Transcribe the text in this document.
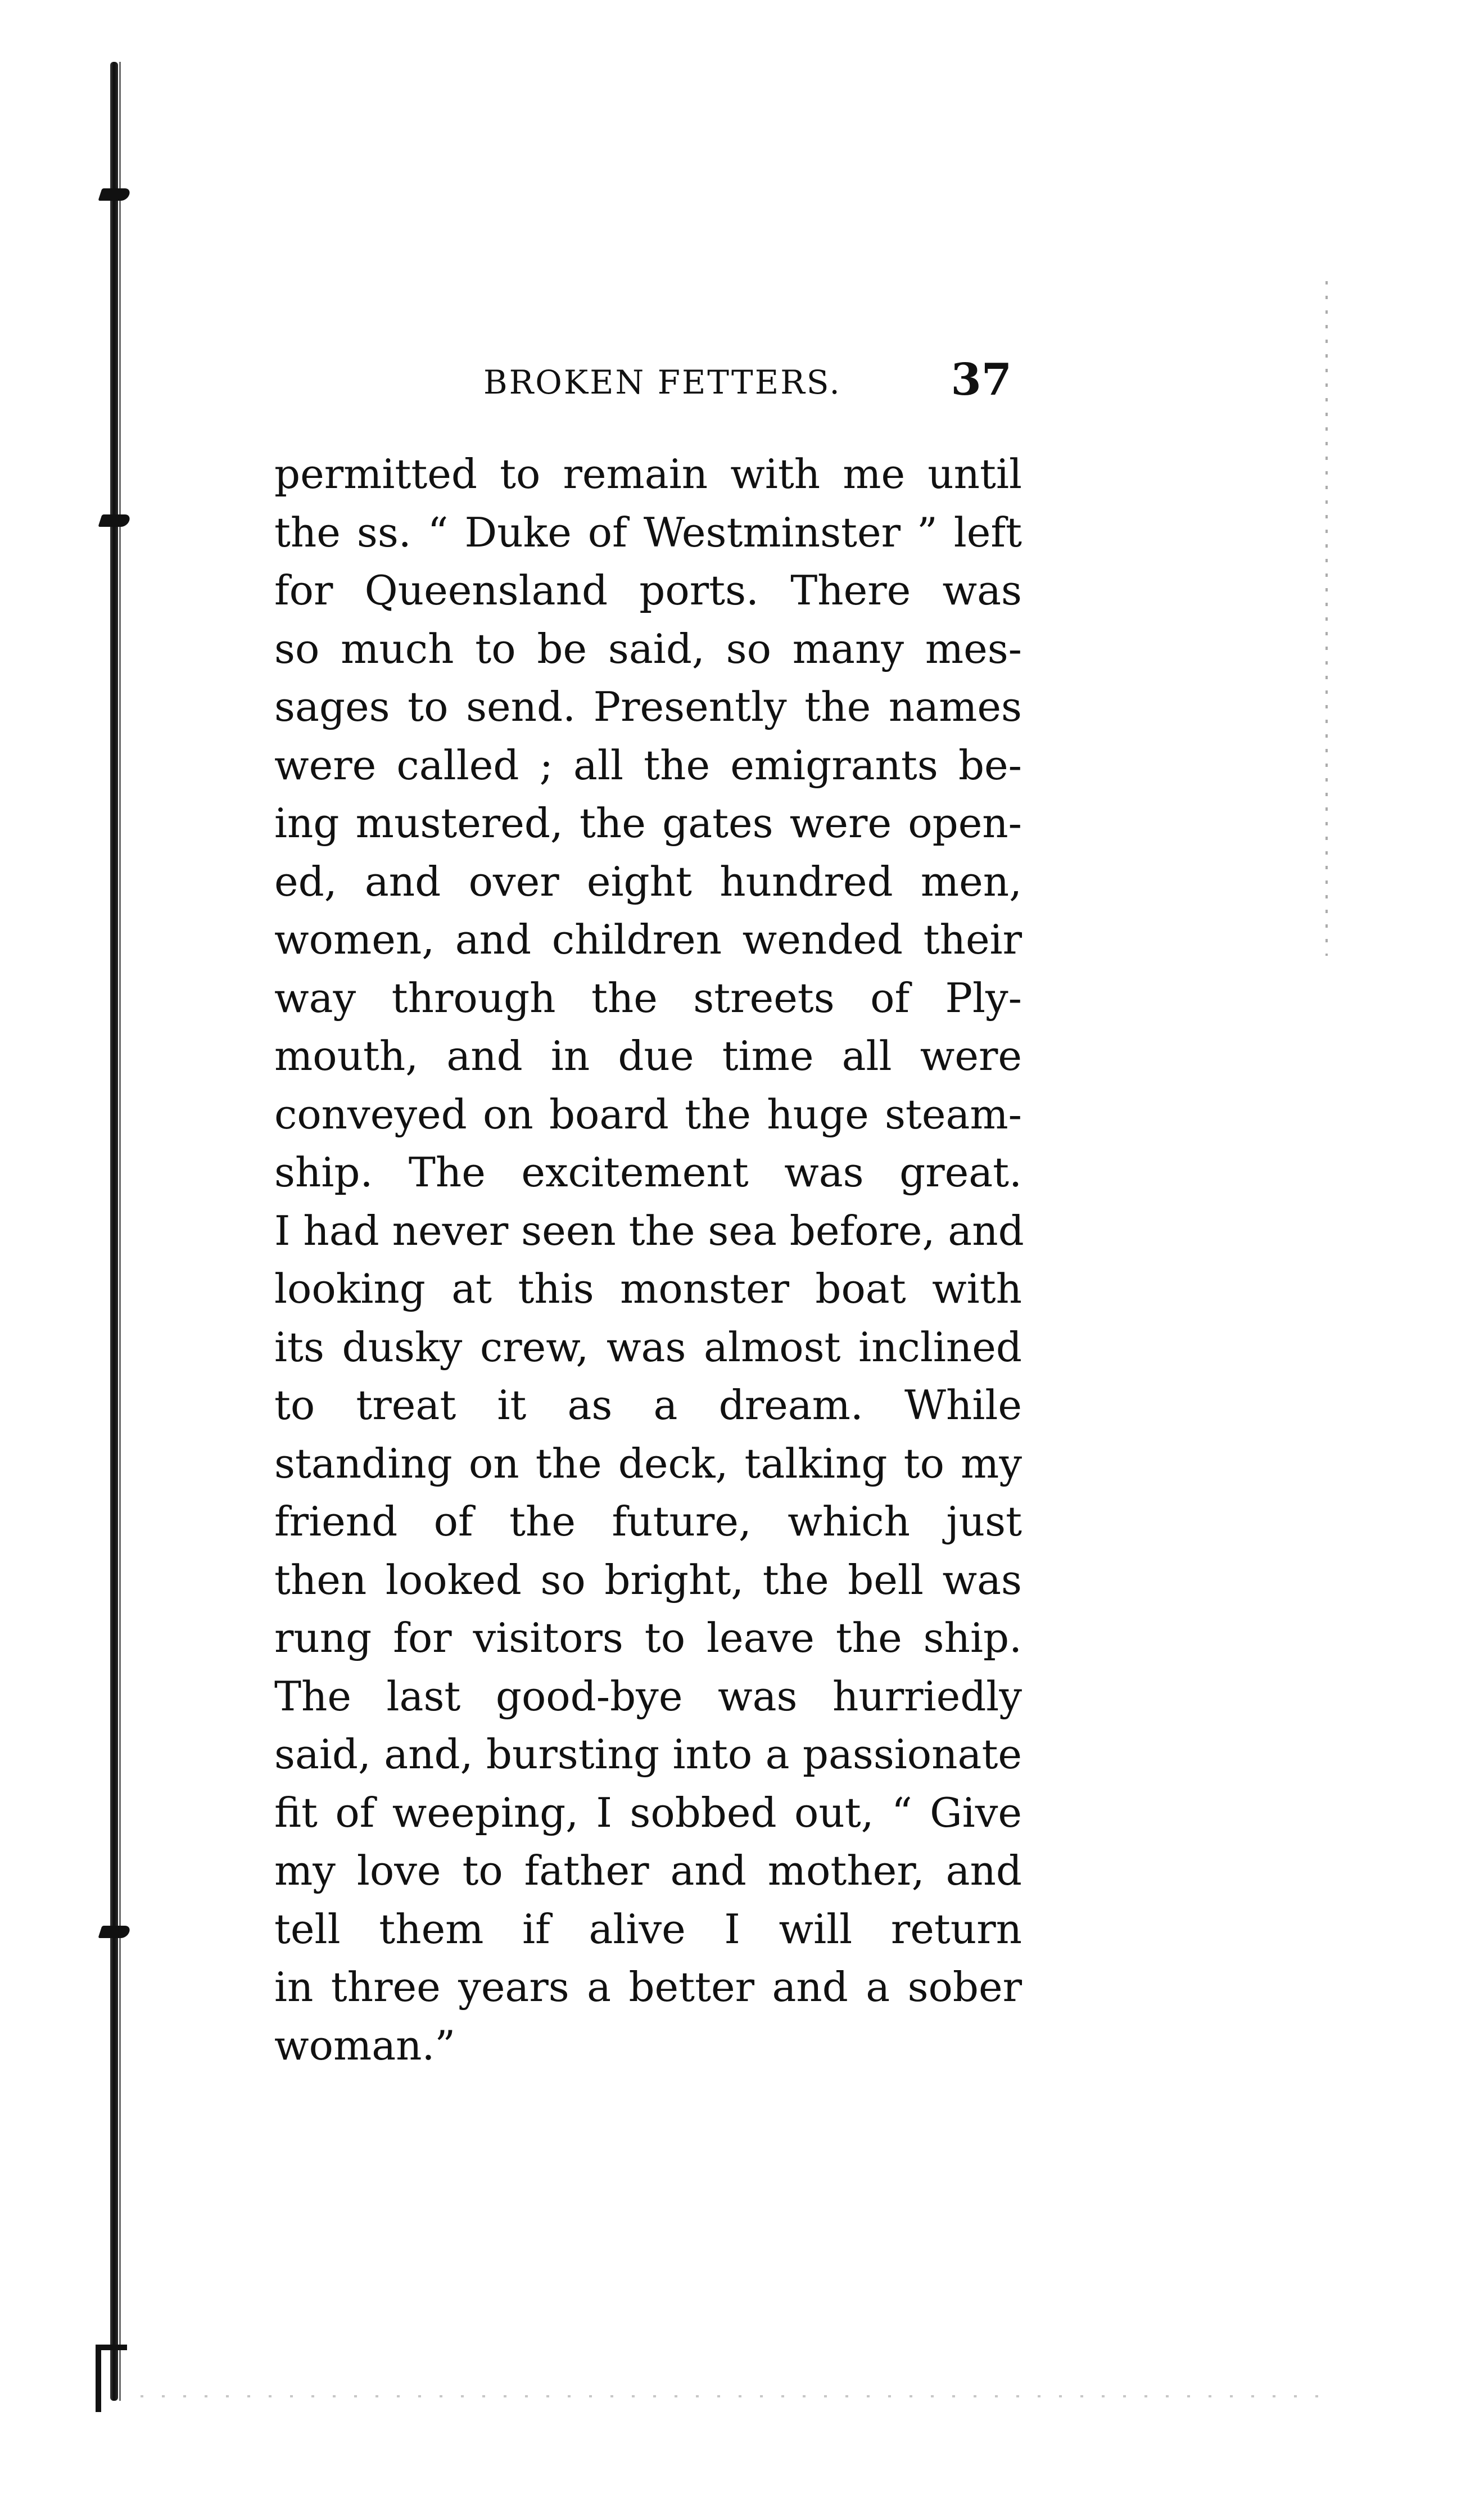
BROKEN FETTERS. 37
permitted to remain with me until
the ss. “ Duke of Westminster ” left
for Queensland ports. There was
so much to be said, so many mes-
sages to send. Presently the names
were called ; all the emigrants be-
ing mustered, the gates were open-
ed, and over eight hundred men,
women, and children wended their
way through the streets of Ply-
mouth, and in due time all were
conveyed on board the huge steam-
ship. The excitement was great.
I had never seen the sea before, and
looking at this monster boat with
its dusky crew, was almost inclined
to treat it as a dream. While
standing on the deck, talking to my
friend of the future, which just
then looked so bright, the bell was
rung for visitors to leave the ship.
The last good-bye was hurriedly
said, and, bursting into a passionate
fit of weeping, I sobbed out, “ Give
my love to father and mother, and
tell them if alive I will return
in three years a better and a sober
woman.”
